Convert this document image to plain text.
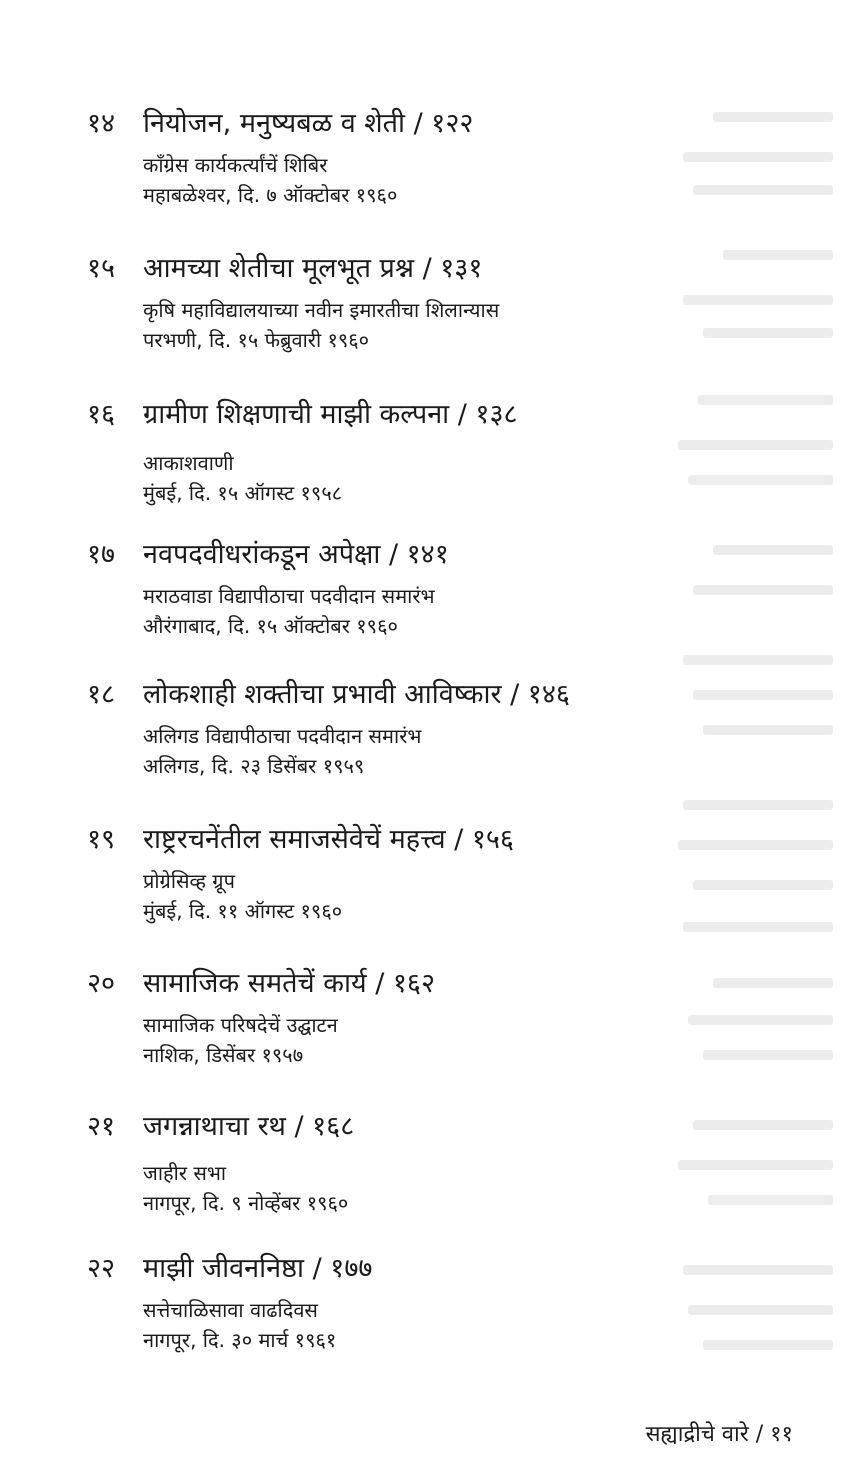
१४	नियोजन, मनुष्यबळ व शेती / १२२
काँग्रेस कार्यकर्त्यांचें शिबिर
महाबळेश्वर, दि. ७ ऑक्टोबर १९६०
१५	आमच्या शेतीचा मूलभूत प्रश्न / १३१
कृषि महाविद्यालयाच्या नवीन इमारतीचा शिलान्यास
परभणी, दि. १५ फेब्रुवारी १९६०
१६	ग्रामीण शिक्षणाची माझी कल्पना / १३८
आकाशवाणी
मुंबई, दि. १५ ऑगस्ट १९५८
१७	नवपदवीधरांकडून अपेक्षा / १४१
मराठवाडा विद्यापीठाचा पदवीदान समारंभ
औरंगाबाद, दि. १५ ऑक्टोबर १९६०
१८	लोकशाही शक्तीचा प्रभावी आविष्कार / १४६
अलिगड विद्यापीठाचा पदवीदान समारंभ
अलिगड, दि. २३ डिसेंबर १९५९
१९	राष्ट्ररचनेंतील समाजसेवेचें महत्त्व / १५६
प्रोग्रेसिव्ह ग्रूप
मुंबई, दि. ११ ऑगस्ट १९६०
२०	सामाजिक समतेचें कार्य / १६२
सामाजिक परिषदेचें उद्घाटन
नाशिक, डिसेंबर १९५७
२१	जगन्नाथाचा रथ / १६८
जाहीर सभा
नागपूर, दि. ९ नोव्हेंबर १९६०
२२	माझी जीवननिष्ठा / १७७
सत्तेचाळिसावा वाढदिवस
नागपूर, दि. ३० मार्च १९६१
सह्याद्रीचे वारे / ११
